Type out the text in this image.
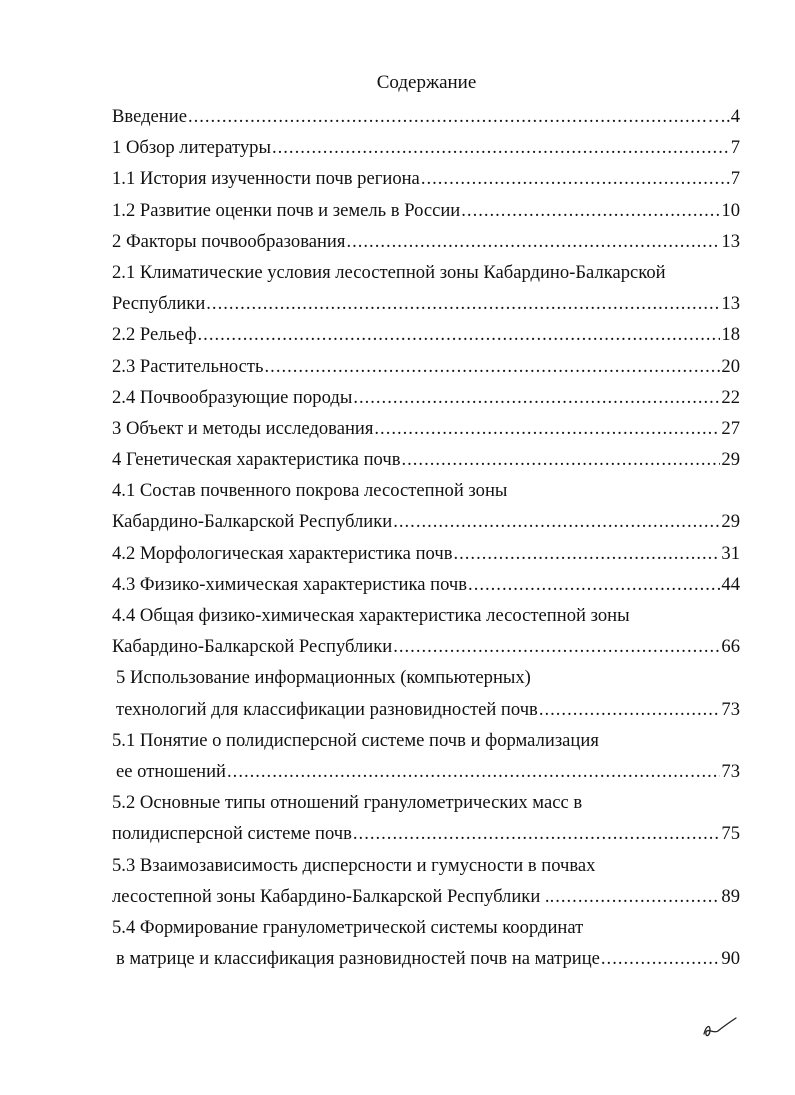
Содержание
Введение .....	….4
1 Обзор литературы .....	7
1.1 История изученности почв региона .....	7
1.2 Развитие оценки почв и земель в России .....	10
2 Факторы почвообразования .....	13
2.1 Климатические условия лесостепной зоны Кабардино-Балкарской
Республики .....	13
2.2 Рельеф .....	18
2.3 Растительность .....	20
2.4 Почвообразующие породы .....	22
3 Объект и методы исследования .....	27
4 Генетическая характеристика почв .....	29
4.1 Состав почвенного покрова лесостепной зоны
Кабардино-Балкарской Республики .....	29
4.2 Морфологическая характеристика почв .....	31
4.3 Физико-химическая характеристика почв .....	44
4.4 Общая физико-химическая характеристика лесостепной зоны
Кабардино-Балкарской Республики .....	66
5 Использование информационных (компьютерных)
технологий для классификации разновидностей почв .....	73
5.1 Понятие о полидисперсной системе почв и формализация
ее отношений .....	73
5.2 Основные типы отношений гранулометрических масс в
полидисперсной системе почв .....	75
5.3 Взаимозависимость дисперсности и гумусности в почвах
лесостепной зоны Кабардино-Балкарской Республики .. .....	89
5.4 Формирование гранулометрической системы координат
в матрице и классификация разновидностей почв на матрице .....	90
